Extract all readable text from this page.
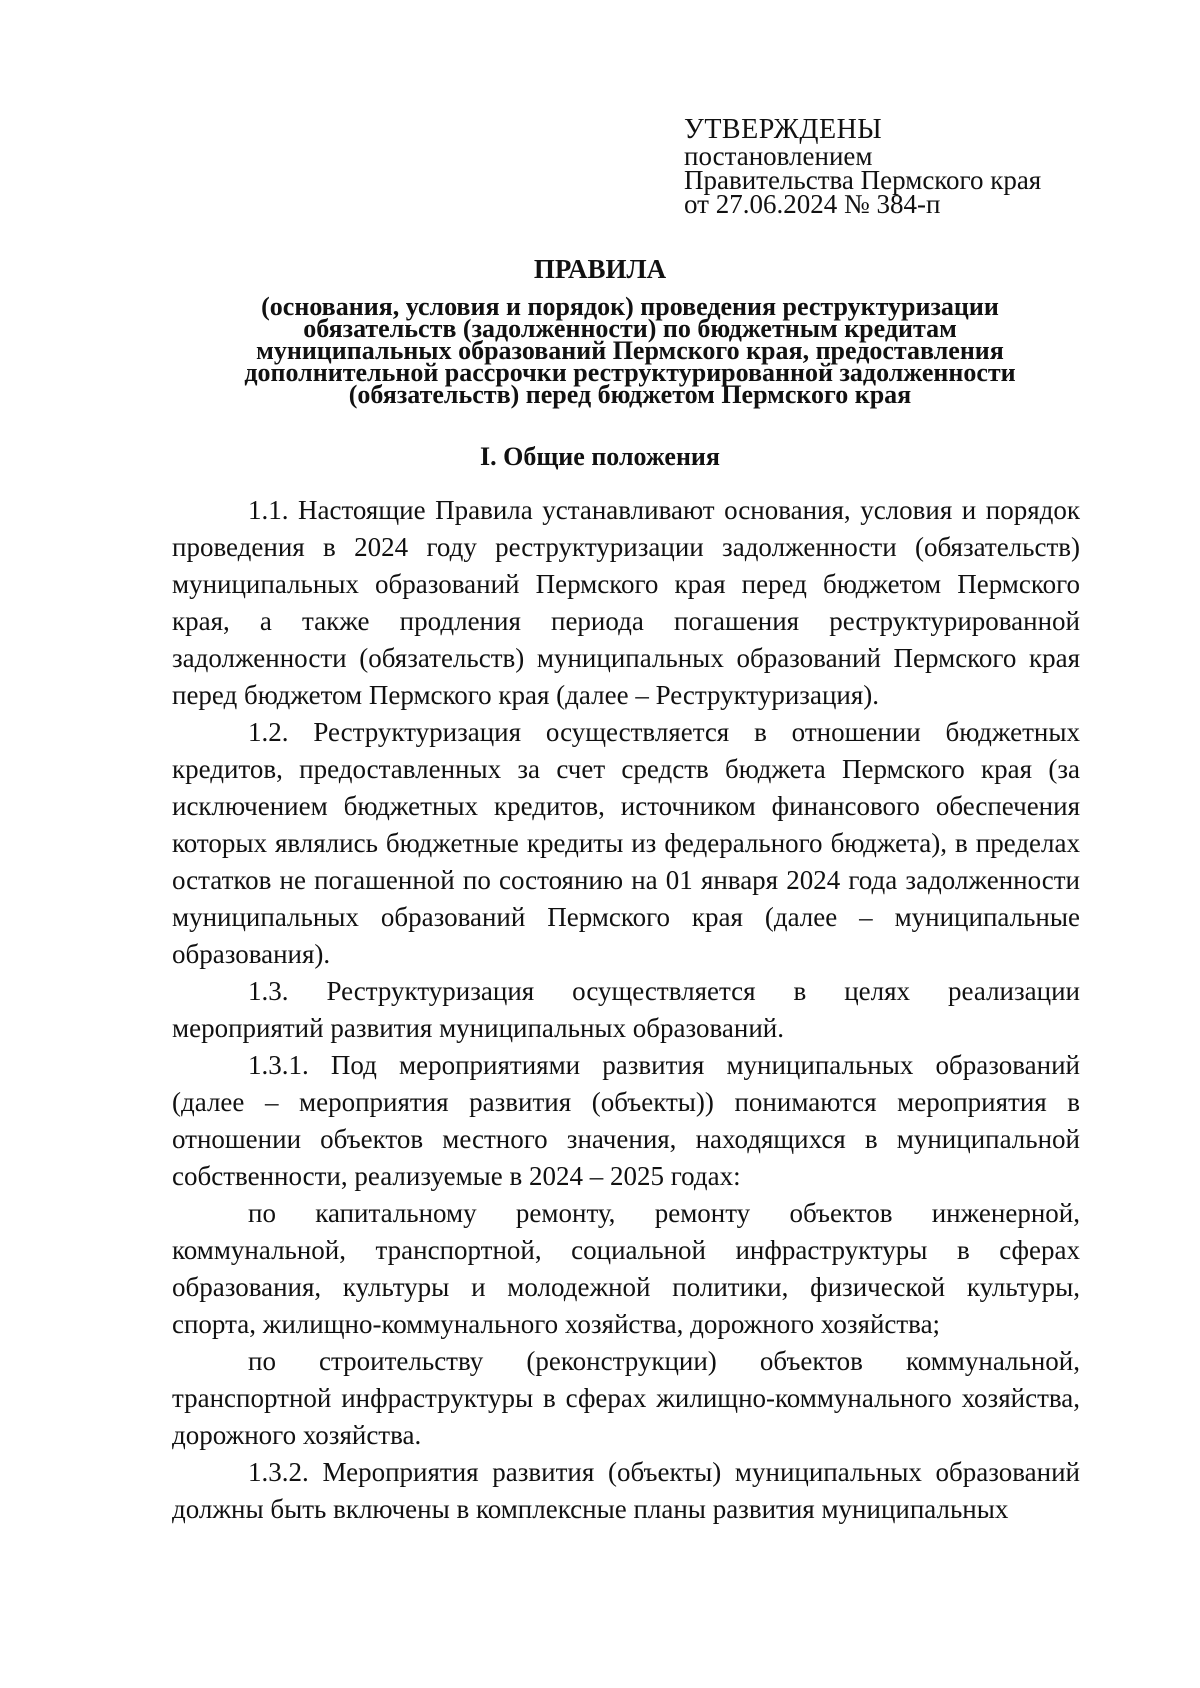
УТВЕРЖДЕНЫ
постановлением
Правительства Пермского края
от 27.06.2024 № 384-п
ПРАВИЛА
(основания, условия и порядок) проведения реструктуризации
обязательств (задолженности) по бюджетным кредитам
муниципальных образований Пермского края, предоставления
дополнительной рассрочки реструктурированной задолженности
(обязательств) перед бюджетом Пермского края
I. Общие положения

1.1. Настоящие Правила устанавливают основания, условия и порядок проведения в 2024 году реструктуризации задолженности (обязательств) муниципальных образований Пермского края перед бюджетом Пермского края, а также продления периода погашения реструктурированной задолженности (обязательств) муниципальных образований Пермского края перед бюджетом Пермского края (далее – Реструктуризация).

1.2. Реструктуризация осуществляется в отношении бюджетных кредитов, предоставленных за счет средств бюджета Пермского края (за исключением бюджетных кредитов, источником финансового обеспечения которых являлись бюджетные кредиты из федерального бюджета), в пределах остатков не погашенной по состоянию на 01 января 2024 года задолженности муниципальных образований Пермского края (далее – муниципальные образования).

1.3. Реструктуризация осуществляется в целях реализации мероприятий развития муниципальных образований.

1.3.1. Под мероприятиями развития муниципальных образований (далее – мероприятия развития (объекты)) понимаются мероприятия в отношении объектов местного значения, находящихся в муниципальной собственности, реализуемые в 2024 – 2025 годах:

по капитальному ремонту, ремонту объектов инженерной, коммунальной, транспортной, социальной инфраструктуры в сферах образования, культуры и молодежной политики, физической культуры, спорта, жилищно-коммунального хозяйства, дорожного хозяйства;

по строительству (реконструкции) объектов коммунальной, транспортной инфраструктуры в сферах жилищно-коммунального хозяйства, дорожного хозяйства.

1.3.2. Мероприятия развития (объекты) муниципальных образований должны быть включены в комплексные планы развития муниципальных
